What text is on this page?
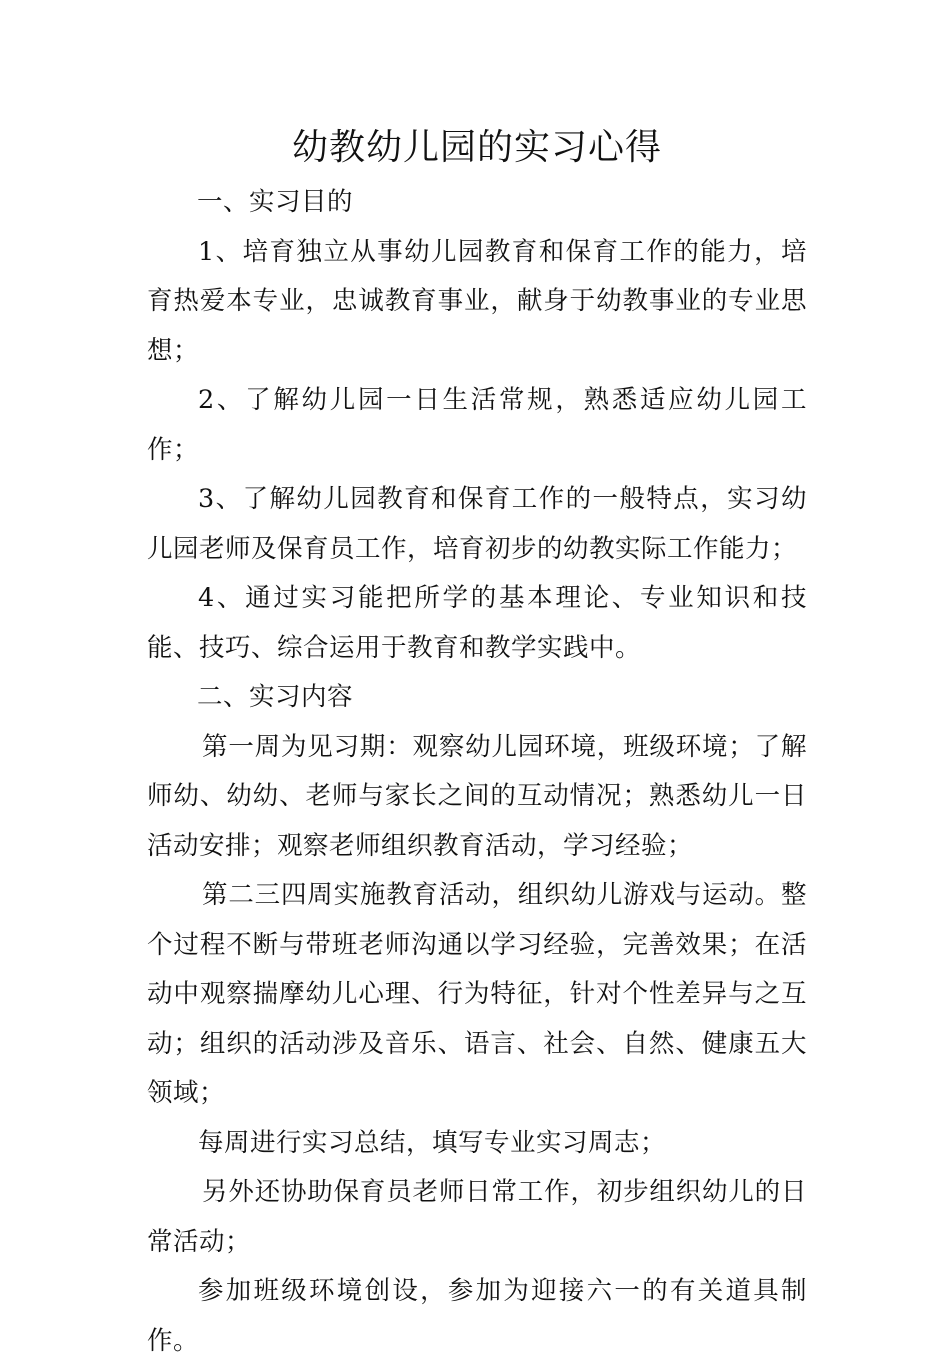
幼教幼儿园的实习心得

一、实习目的

1、培育独立从事幼儿园教育和保育工作的能力，培育热爱本专业，忠诚教育事业，献身于幼教事业的专业思想；

2、了解幼儿园一日生活常规，熟悉适应幼儿园工作；

3、了解幼儿园教育和保育工作的一般特点，实习幼儿园老师及保育员工作，培育初步的幼教实际工作能力；

4、通过实习能把所学的基本理论、专业知识和技能、技巧、综合运用于教育和教学实践中。

二、实习内容

第一周为见习期：观察幼儿园环境，班级环境；了解师幼、幼幼、老师与家长之间的互动情况；熟悉幼儿一日活动安排；观察老师组织教育活动，学习经验；

第二三四周实施教育活动，组织幼儿游戏与运动。整个过程不断与带班老师沟通以学习经验，完善效果；在活动中观察揣摩幼儿心理、行为特征，针对个性差异与之互动；组织的活动涉及音乐、语言、社会、自然、健康五大领域；

每周进行实习总结，填写专业实习周志；

另外还协助保育员老师日常工作，初步组织幼儿的日常活动；

参加班级环境创设，参加为迎接六一的有关道具制作。
